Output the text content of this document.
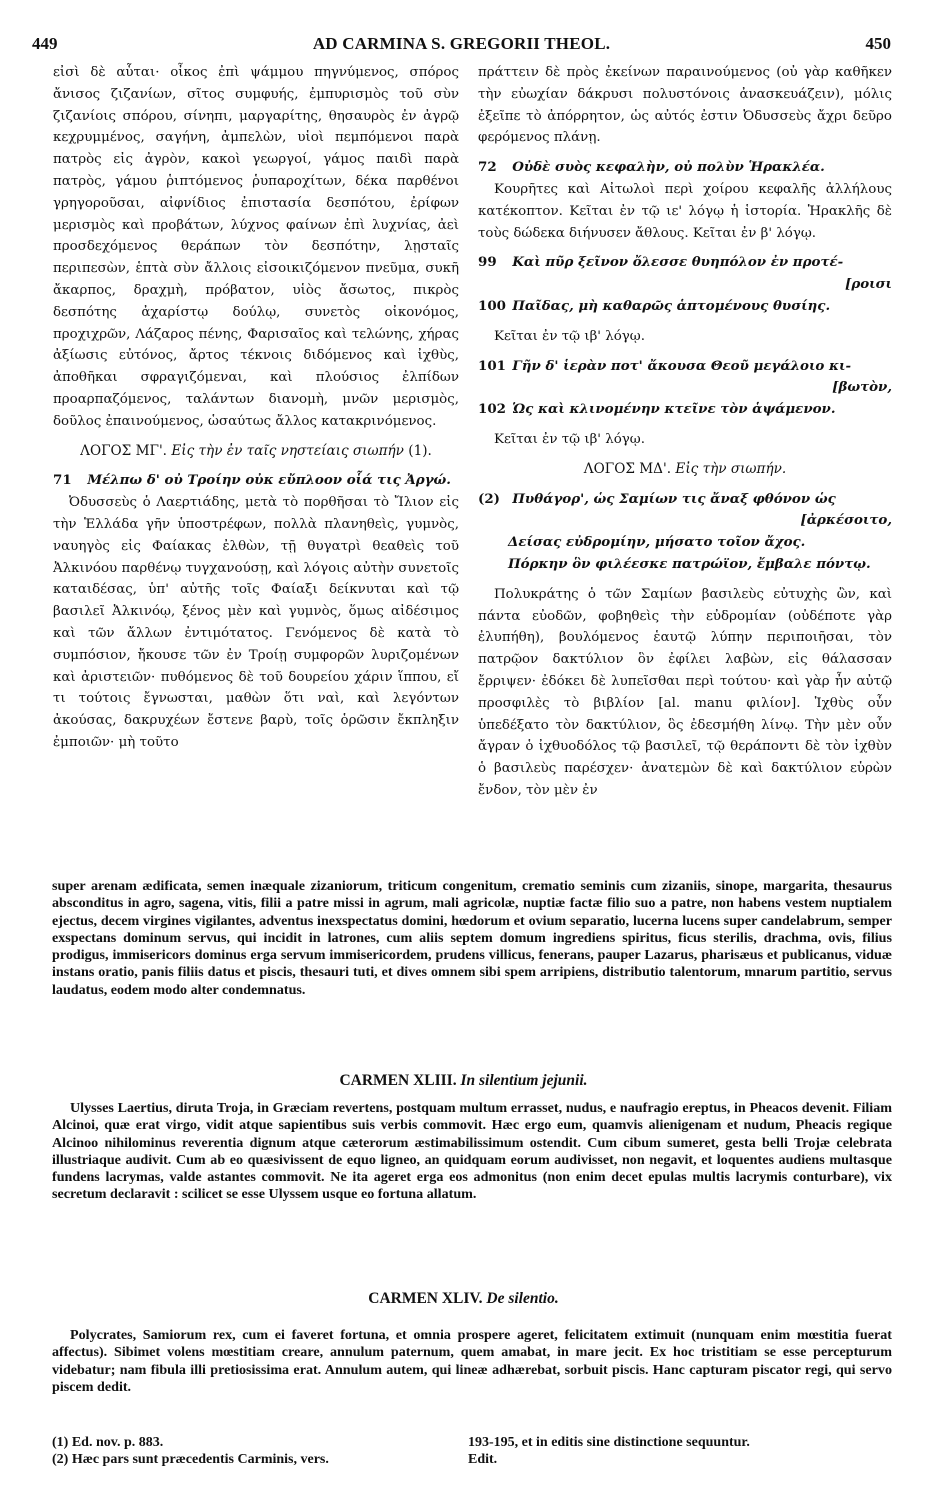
449	AD CARMINA S. GREGORII THEOL.	450

εἰσὶ δὲ αὗται· οἶκος ἐπὶ ψάμμου πηγνύμενος, σπόρος ἄνισος ζιζανίων, σῖτος συμφυής, ἐμπυρισμὸς τοῦ σὺν ζιζανίοις σπόρου, σίνηπι, μαργαρίτης, θησαυρὸς ἐν ἀγρῷ κεχρυμμένος, σαγήνη, ἀμπελὼν, υἱοὶ πεμπόμενοι παρὰ πατρὸς εἰς ἀγρὸν, κακοὶ γεωργοί, γάμος παιδὶ παρὰ πατρὸς, γάμου ῥιπτόμενος ῥυπαροχίτων, δέκα παρθένοι γρηγοροῦσαι, αἰφνίδιος ἐπιστασία δεσπότου, ἐρίφων μερισμὸς καὶ προβάτων, λύχνος φαίνων ἐπὶ λυχνίας, ἀεὶ προσδεχόμενος θεράπων τὸν δεσπότην, λῃσταῖς περιπεσὼν, ἑπτὰ σὺν ἄλλοις εἰσοικιζόμενον πνεῦμα, συκῆ ἄκαρπος, δραχμὴ, πρόβατον, υἱὸς ἄσωτος, πικρὸς δεσπότης ἀχαρίστῳ δούλῳ, συνετὸς οἰκονόμος, προχιχρῶν, Λάζαρος πένης, Φαρισαῖος καὶ τελώνης, χήρας ἀξίωσις εὐτόνος, ἄρτος τέκνοις διδόμενος καὶ ἰχθὺς, ἀποθῆκαι σφραγιζόμεναι, καὶ πλούσιος ἐλπίδων προαρπαζόμενος, ταλάντων διανομὴ, μνῶν μερισμὸς, δοῦλος ἐπαινούμενος, ὡσαύτως ἄλλος κατακρινόμενος.

ΛΟΓΟΣ ΜΓ'. Εἰς τὴν ἐν ταῖς νηστείαις σιωπήν (1).

71 Μέλπω δ' οὐ Τροίην οὐκ εὔπλοον οἷά τις Ἀργώ.

Ὀδυσσεὺς ὁ Λαερτιάδης, μετὰ τὸ πορθῆσαι τὸ Ἴλιον εἰς τὴν Ἑλλάδα γῆν ὑποστρέφων, πολλὰ πλανηθεὶς, γυμνὸς, ναυηγὸς εἰς Φαίακας ἐλθὼν, τῇ θυγατρὶ θεαθεὶς τοῦ Ἀλκινόου παρθένῳ τυγχανούσῃ, καὶ λόγοις αὐτὴν συνετοῖς καταιδέσας, ὑπ' αὐτῆς τοῖς Φαίαξι δείκνυται καὶ τῷ βασιλεῖ Ἀλκινόῳ, ξένος μὲν καὶ γυμνὸς, ὅμως αἰδέσιμος καὶ τῶν ἄλλων ἐντιμότατος. Γενόμενος δὲ κατὰ τὸ συμπόσιον, ἤκουσε τῶν ἐν Τροίῃ συμφορῶν λυριζομένων καὶ ἀριστειῶν· πυθόμενος δὲ τοῦ δουρείου χάριν ἵππου, εἴ τι τούτοις ἔγνωσται, μαθὼν ὅτι ναὶ, καὶ λεγόντων ἀκούσας, δακρυχέων ἔστενε βαρὺ, τοῖς ὁρῶσιν ἔκπληξιν ἐμποιῶν· μὴ τοῦτο

πράττειν δὲ πρὸς ἐκείνων παραινούμενος (οὐ γὰρ καθῆκεν τὴν εὐωχίαν δάκρυσι πολυστόνοις ἀνασκευάζειν), μόλις ἐξεῖπε τὸ ἀπόρρητον, ὡς αὐτός ἐστιν Ὀδυσσεὺς ἄχρι δεῦρο φερόμενος πλάνῃ.

72 Οὐδὲ συὸς κεφαλὴν, οὐ πολὺν Ἡρακλέα.

Κουρῆτες καὶ Αἰτωλοὶ περὶ χοίρου κεφαλῆς ἀλλήλους κατέκοπτον. Κεῖται ἐν τῷ ιε' λόγῳ ἡ ἱστορία. Ἡρακλῆς δὲ τοὺς δώδεκα διήνυσεν ἄθλους. Κεῖται ἐν β' λόγῳ.

99 Καὶ πῦρ ξεῖνον ὄλεσσε θυηπόλον ἐν προτέ-

[ροισι

100 Παῖδας, μὴ καθαρῶς ἁπτομένους θυσίης.

Κεῖται ἐν τῷ ιβ' λόγῳ.

101 Γῆν δ' ἱερὰν ποτ' ἄκουσα Θεοῦ μεγάλοιο κι-

[βωτὸν,

102 Ὡς καὶ κλινομένην κτεῖνε τὸν ἁψάμενον.

Κεῖται ἐν τῷ ιβ' λόγῳ.

ΛΟΓΟΣ ΜΔ'. Εἰς τὴν σιωπήν.

(2) Πυθάγορ', ὡς Σαμίων τις ἄναξ φθόνον ὡς

[ἀρκέσοιτο,

Δείσας εὐδρομίην, μήσατο τοῖον ἄχος.

Πόρκην ὃν φιλέεσκε πατρώϊον, ἔμβαλε πόντῳ.

Πολυκράτης ὁ τῶν Σαμίων βασιλεὺς εὐτυχὴς ὢν, καὶ πάντα εὐοδῶν, φοβηθεὶς τὴν εὐδρομίαν (οὐδέποτε γὰρ ἐλυπήθη), βουλόμενος ἑαυτῷ λύπην περιποιῆσαι, τὸν πατρῷον δακτύλιον ὃν ἐφίλει λαβὼν, εἰς θάλασσαν ἔρριψεν· ἐδόκει δὲ λυπεῖσθαι περὶ τούτου· καὶ γὰρ ἦν αὐτῷ προσφιλὲς τὸ βιβλίον [al. manu φιλίον]. Ἰχθὺς οὖν ὑπεδέξατο τὸν δακτύλιον, ὃς ἐδεσμήθη λίνῳ. Τὴν μὲν οὖν ἄγραν ὁ ἰχθυοδόλος τῷ βασιλεῖ, τῷ θεράποντι δὲ τὸν ἰχθὺν ὁ βασιλεὺς παρέσχεν· ἀνατεμὼν δὲ καὶ δακτύλιον εὑρὼν ἔνδον, τὸν μὲν ἐν

super arenam ædificata, semen inæquale zizaniorum, triticum congenitum, crematio seminis cum zizaniis, sinope, margarita, thesaurus absconditus in agro, sagena, vitis, filii a patre missi in agrum, mali agricolæ, nuptiæ factæ filio suo a patre, non habens vestem nuptialem ejectus, decem virgines vigilantes, adventus inexspectatus domini, hœdorum et ovium separatio, lucerna lucens super candelabrum, semper exspectans dominum servus, qui incidit in latrones, cum aliis septem domum ingrediens spiritus, ficus sterilis, drachma, ovis, filius prodigus, immisericors dominus erga servum immisericordem, prudens villicus, fenerans, pauper Lazarus, pharisæus et publicanus, viduæ instans oratio, panis filiis datus et piscis, thesauri tuti, et dives omnem sibi spem arripiens, distributio talentorum, mnarum partitio, servus laudatus, eodem modo alter condemnatus.

CARMEN XLIII. In silentium jejunii.

Ulysses Laertius, diruta Troja, in Græciam revertens, postquam multum errasset, nudus, e naufragio ereptus, in Pheacos devenit. Filiam Alcinoi, quæ erat virgo, vidit atque sapientibus suis verbis commovit. Hæc ergo eum, quamvis alienigenam et nudum, Pheacis regique Alcinoo nihilominus reverentia dignum atque cæterorum æstimabilissimum ostendit. Cum cibum sumeret, gesta belli Trojæ celebrata illustriaque audivit. Cum ab eo quæsivissent de equo ligneo, an quidquam eorum audivisset, non negavit, et loquentes audiens multasque fundens lacrymas, valde astantes commovit. Ne ita ageret erga eos admonitus (non enim decet epulas multis lacrymis conturbare), vix secretum declaravit : scilicet se esse Ulyssem usque eo fortuna allatum.

CARMEN XLIV. De silentio.

Polycrates, Samiorum rex, cum ei faveret fortuna, et omnia prospere ageret, felicitatem extimuit (nunquam enim mœstitia fuerat affectus). Sibimet volens mœstitiam creare, annulum paternum, quem amabat, in mare jecit. Ex hoc tristitiam se esse percepturum videbatur; nam fibula illi pretiosissima erat. Annulum autem, qui lineæ adhærebat, sorbuit piscis. Hanc capturam piscator regi, qui servo piscem dedit.

(1) Ed. nov. p. 883.

(2) Hæc pars sunt præcedentis Carminis, vers.

193-195, et in editis sine distinctione sequuntur.

Edit.
